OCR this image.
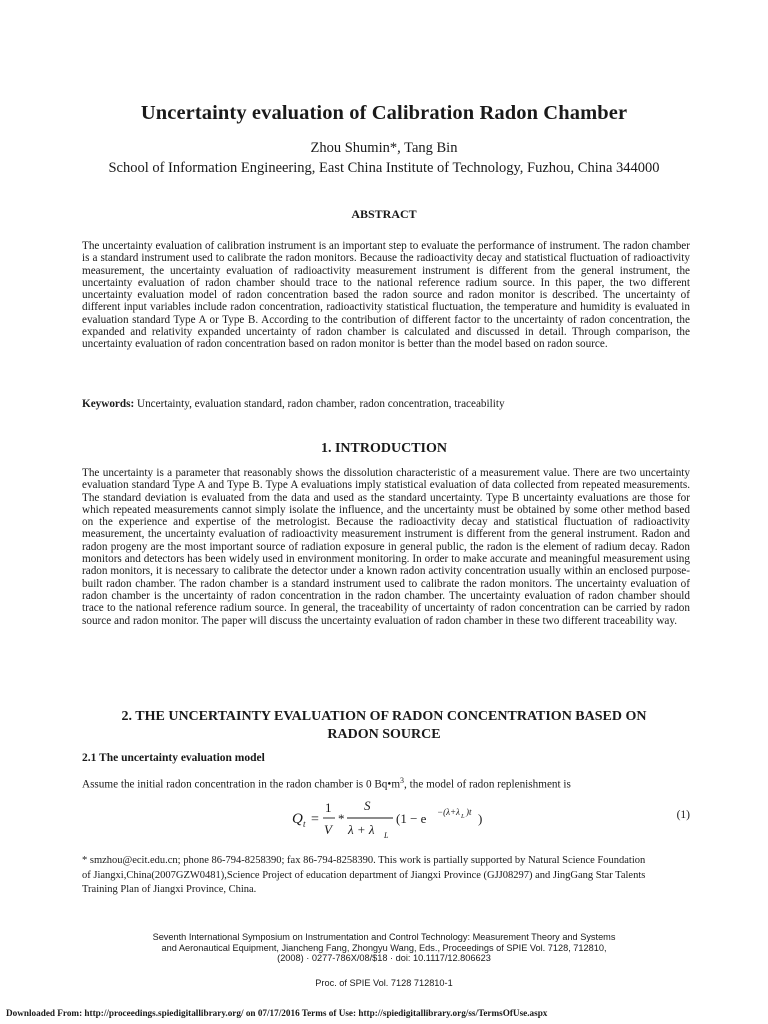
Uncertainty evaluation of Calibration Radon Chamber
Zhou Shumin*, Tang Bin
School of Information Engineering, East China Institute of Technology, Fuzhou, China 344000
ABSTRACT
The uncertainty evaluation of calibration instrument is an important step to evaluate the performance of instrument. The radon chamber is a standard instrument used to calibrate the radon monitors. Because the radioactivity decay and statistical fluctuation of radioactivity measurement, the uncertainty evaluation of radioactivity measurement instrument is different from the general instrument, the uncertainty evaluation of radon chamber should trace to the national reference radium source. In this paper, the two different uncertainty evaluation model of radon concentration based the radon source and radon monitor is described. The uncertainty of different input variables include radon concentration, radioactivity statistical fluctuation, the temperature and humidity is evaluated in evaluation standard Type A or Type B. According to the contribution of different factor to the uncertainty of radon concentration, the expanded and relativity expanded uncertainty of radon chamber is calculated and discussed in detail. Through comparison, the uncertainty evaluation of radon concentration based on radon monitor is better than the model based on radon source.
Keywords: Uncertainty, evaluation standard, radon chamber, radon concentration, traceability
1. INTRODUCTION
The uncertainty is a parameter that reasonably shows the dissolution characteristic of a measurement value. There are two uncertainty evaluation standard Type A and Type B. Type A evaluations imply statistical evaluation of data collected from repeated measurements. The standard deviation is evaluated from the data and used as the standard uncertainty. Type B uncertainty evaluations are those for which repeated measurements cannot simply isolate the influence, and the uncertainty must be obtained by some other method based on the experience and expertise of the metrologist. Because the radioactivity decay and statistical fluctuation of radioactivity measurement, the uncertainty evaluation of radioactivity measurement instrument is different from the general instrument. Radon and radon progeny are the most important source of radiation exposure in general public, the radon is the element of radium decay. Radon monitors and detectors has been widely used in environment monitoring. In order to make accurate and meaningful measurement using radon monitors, it is necessary to calibrate the detector under a known radon activity concentration usually within an enclosed purpose-built radon chamber. The radon chamber is a standard instrument used to calibrate the radon monitors. The uncertainty evaluation of radon chamber is the uncertainty of radon concentration in the radon chamber. The uncertainty evaluation of radon chamber should trace to the national reference radium source. In general, the traceability of uncertainty of radon concentration can be carried by radon source and radon monitor. The paper will discuss the uncertainty evaluation of radon chamber in these two different traceability way.
2. THE UNCERTAINTY EVALUATION OF RADON CONCENTRATION BASED ON
RADON SOURCE
2.1 The uncertainty evaluation model
Assume the initial radon concentration in the radon chamber is 0 $Bq•m^3$, the model of radon replenishment is
Q t =
1
V
*
S
λ + λ L
(1 − e −(λ+λ L )t )	(1)
* smzhou@ecit.edu.cn; phone 86-794-8258390; fax 86-794-8258390. This work is partially supported by Natural Science Foundation
of Jiangxi,China(2007GZW0481),Science Project of education department of Jiangxi Province (GJJ08297) and JingGang Star Talents
Training Plan of Jiangxi Province, China.
Seventh International Symposium on Instrumentation and Control Technology: Measurement Theory and Systems
and Aeronautical Equipment, Jiancheng Fang, Zhongyu Wang, Eds., Proceedings of SPIE Vol. 7128, 712810,
(2008) · 0277-786X/08/$18 · doi: 10.1117/12.806623
Proc. of SPIE Vol. 7128 712810-1
Downloaded From: http://proceedings.spiedigitallibrary.org/ on 07/17/2016 Terms of Use: http://spiedigitallibrary.org/ss/TermsOfUse.aspx
